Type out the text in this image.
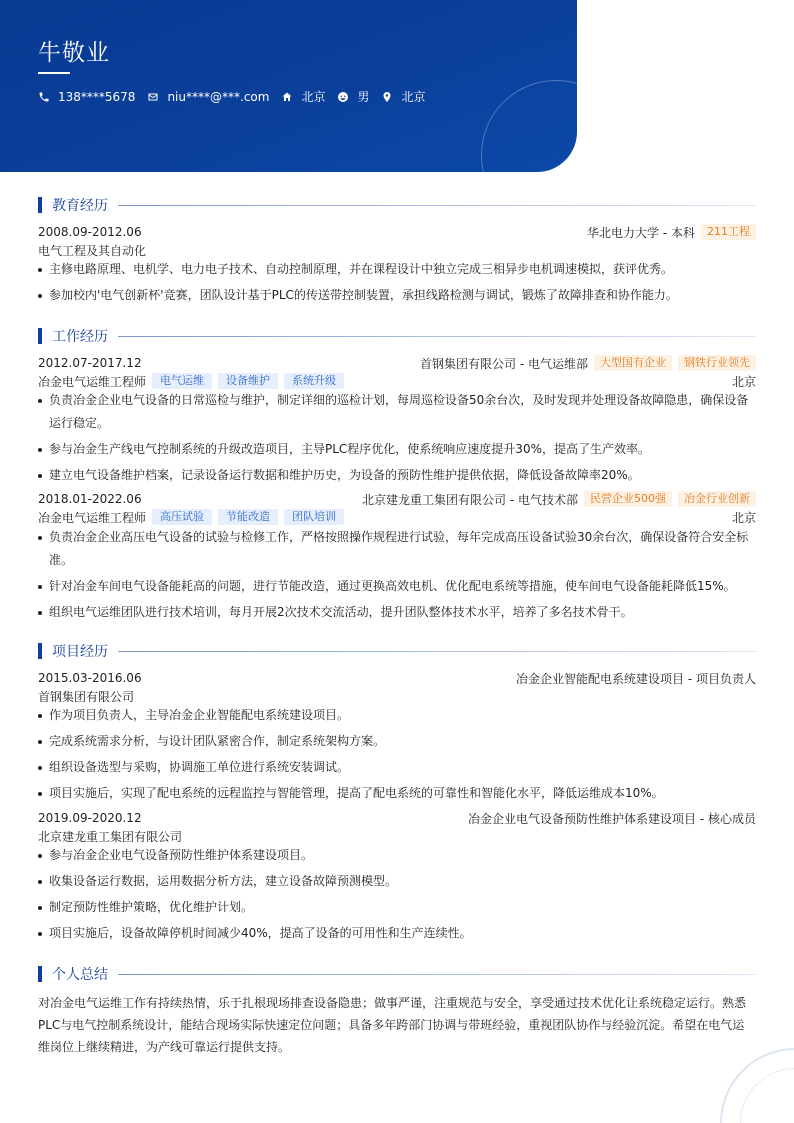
牛敬业
138****5678	niu****@***.com	北京	男	北京
教育经历
2008.09-2012.06	华北电力大学 - 本科	211工程
电气工程及其自动化
主修电路原理、电机学、电力电子技术、自动控制原理，并在课程设计中独立完成三相异步电机调速模拟，获评优秀。
参加校内'电气创新杯'竞赛，团队设计基于PLC的传送带控制装置，承担线路检测与调试，锻炼了故障排查和协作能力。
工作经历
2012.07-2017.12	首钢集团有限公司 - 电气运维部	大型国有企业	钢铁行业领先
冶金电气运维工程师	电气运维	设备维护	系统升级	北京
负责冶金企业电气设备的日常巡检与维护，制定详细的巡检计划，每周巡检设备50余台次，及时发现并处理设备故障隐患，确保设备运行稳定。
参与冶金生产线电气控制系统的升级改造项目，主导PLC程序优化，使系统响应速度提升30%，提高了生产效率。
建立电气设备维护档案，记录设备运行数据和维护历史，为设备的预防性维护提供依据，降低设备故障率20%。
2018.01-2022.06	北京建龙重工集团有限公司 - 电气技术部	民营企业500强	冶金行业创新
冶金电气运维工程师	高压试验	节能改造	团队培训	北京
负责冶金企业高压电气设备的试验与检修工作，严格按照操作规程进行试验，每年完成高压设备试验30余台次，确保设备符合安全标准。
针对冶金车间电气设备能耗高的问题，进行节能改造，通过更换高效电机、优化配电系统等措施，使车间电气设备能耗降低15%。
组织电气运维团队进行技术培训，每月开展2次技术交流活动，提升团队整体技术水平，培养了多名技术骨干。
项目经历
2015.03-2016.06	冶金企业智能配电系统建设项目 - 项目负责人
首钢集团有限公司
作为项目负责人，主导冶金企业智能配电系统建设项目。
完成系统需求分析，与设计团队紧密合作，制定系统架构方案。
组织设备选型与采购，协调施工单位进行系统安装调试。
项目实施后，实现了配电系统的远程监控与智能管理，提高了配电系统的可靠性和智能化水平，降低运维成本10%。
2019.09-2020.12	冶金企业电气设备预防性维护体系建设项目 - 核心成员
北京建龙重工集团有限公司
参与冶金企业电气设备预防性维护体系建设项目。
收集设备运行数据，运用数据分析方法，建立设备故障预测模型。
制定预防性维护策略，优化维护计划。
项目实施后，设备故障停机时间减少40%，提高了设备的可用性和生产连续性。
个人总结
对冶金电气运维工作有持续热情，乐于扎根现场排查设备隐患；做事严谨，注重规范与安全，享受通过技术优化让系统稳定运行。熟悉PLC与电气控制系统设计，能结合现场实际快速定位问题；具备多年跨部门协调与带班经验，重视团队协作与经验沉淀。希望在电气运维岗位上继续精进，为产线可靠运行提供支持。
